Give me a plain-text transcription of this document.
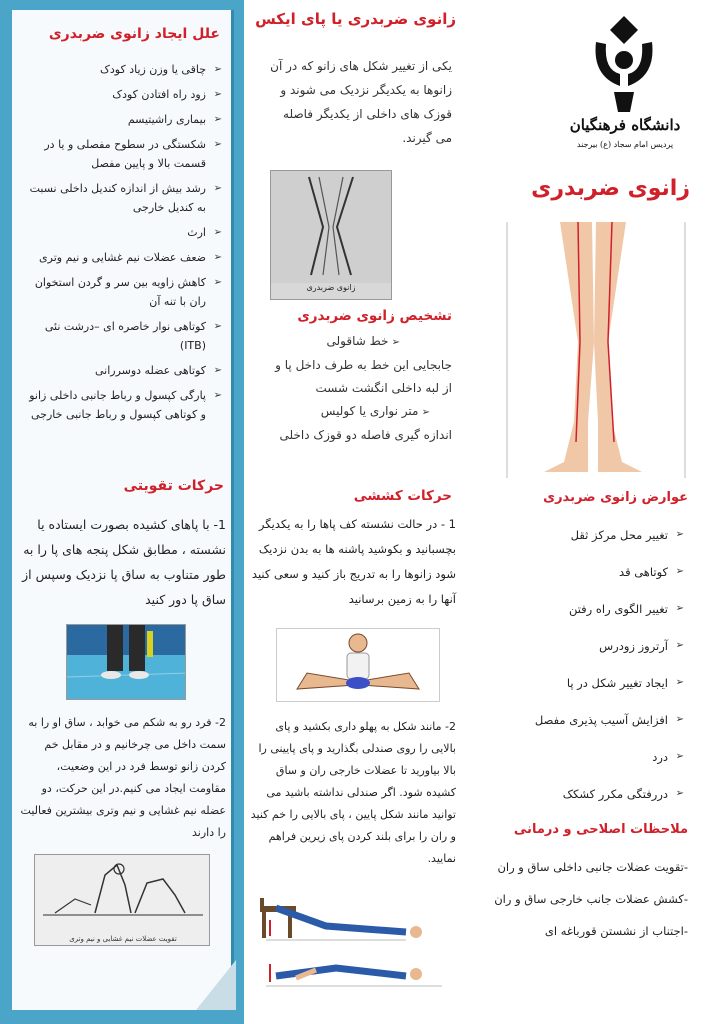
علل ایجاد زانوی ضربدری
➢ چاقی یا وزن زیاد کودک
➢ زود راه افتادن کودک
➢ بیماری راشیتیسم
➢ شکستگی در سطوح مفصلی و یا در قسمت بالا و پایین مفصل
➢ رشد بیش از اندازه کندیل داخلی نسبت به کندیل خارجی
➢ ارث
➢ ضعف عضلات نیم غشایی و نیم وتری
➢ کاهش زاویه بین سر و گردن استخوان ران با تنه آن
➢ کوتاهی نوار خاصره ای –درشت نئی (ITB)
➢ کوتاهی عضله دوسررانی
➢ پارگی کپسول و رباط جانبی داخلی زانو و کوتاهی کپسول و رباط جانبی خارجی
حرکات تقویتی
1- با پاهای کشیده بصورت ایستاده یا نشسته ، مطابق شکل پنجه های پا را به طور متناوب به ساق پا نزدیک وسپس از ساق پا دور کنید
2- فرد رو به شکم می خوابد ، ساق او را به سمت داخل می چرخانیم و در مقابل خم کردن زانو توسط فرد در این وضعیت، مقاومت ایجاد می کنیم.در این حرکت، دو عضله نیم غشایی و نیم وتری بیشترین فعالیت را دارند
تقویت عضلات نیم غشایی و نیم وتری
زانوی ضربدری یا پای ایکس
یکی از تغییر شکل های زانو که در آن زانوها به یکدیگر نزدیک می شوند و قوزک های داخلی از یکدیگر فاصله می گیرند.
زانوی ضربدری
تشخیص زانوی ضربدری
➢ خط شاقولی
جابجایی این خط به طرف داخل پا و از لبه داخلی انگشت شست
➢ متر نواری یا کولیس
اندازه گیری فاصله دو قوزک داخلی
حرکات کششی
1 - در حالت نشسته کف پاها را به یکدیگر بچسبانید و بکوشید پاشنه ها به بدن نزدیک شود زانوها را به تدریج باز کنید و سعی کنید آنها را به زمین برسانید
2- مانند شکل به پهلو داری بکشید و پای بالایی را روی صندلی بگذارید و پای پایینی را بالا بیاورید تا عضلات خارجی ران و ساق کشیده شود. اگر صندلی نداشته باشید می توانید مانند شکل پایین ، پای بالایی را خم کنید و ران را برای بلند کردن پای زیرین فراهم نمایید.
دانشگاه فرهنگیان
پردیس امام سجاد (ع) بیرجند
زانوی ضربدری
عوارض زانوی ضربدری
➢ تغییر محل مرکز ثقل
➢ کوتاهی قد
➢ تغییر الگوی راه رفتن
➢ آرتروز زودرس
➢ ایجاد تغییر شکل در پا
➢ افزایش آسیب پذیری مفصل
➢ درد
➢ دررفتگی مکرر کشکک
ملاحظات اصلاحی و درمانی
-تقویت عضلات جانبی داخلی ساق و ران
-کشش عضلات جانب خارجی ساق و ران
-اجتناب از نشستن قورباغه ای
